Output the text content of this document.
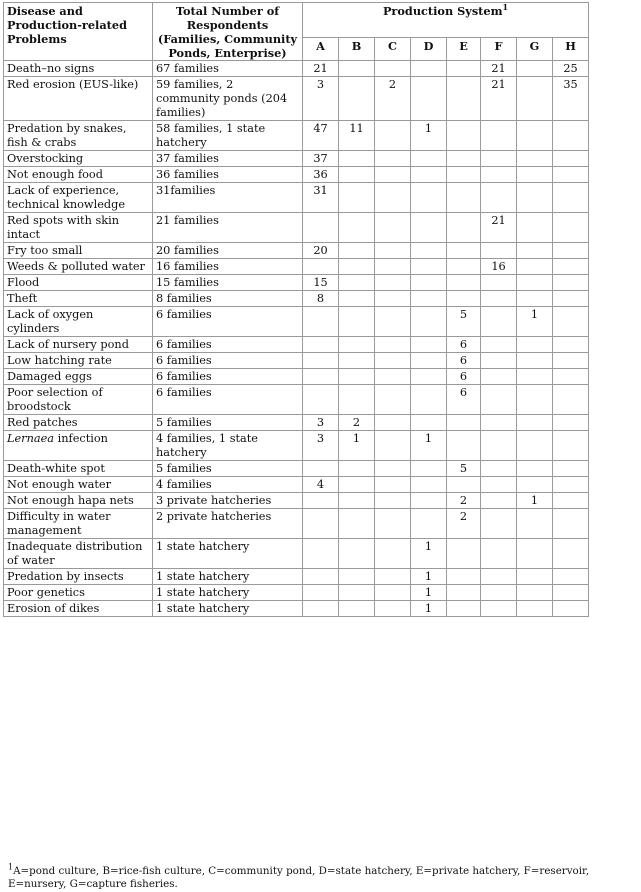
Disease and Production-related Problems	Total Number of Respondents (Families, Community Ponds, Enterprise)	Production System$^1$
		A	B	C	D	E	F	G	H
Death–no signs	67 families	21					21		25
Red erosion (EUS-like)	59 families, 2 community ponds (204 families)	3		2			21		35
Predation by snakes, fish & crabs	58 families, 1 state hatchery	47	11		1				
Overstocking	37 families	37							
Not enough food	36 families	36							
Lack of experience, technical knowledge	31families	31							
Red spots with skin intact	21 families						21		
Fry too small	20 families	20							
Weeds & polluted water	16 families						16		
Flood	15 families	15							
Theft	8 families	8							
Lack of oxygen cylinders	6 families					5		1	
Lack of nursery pond	6 families					6			
Low hatching rate	6 families					6			
Damaged eggs	6 families					6			
Poor selection of broodstock	6 families					6			
Red patches	5 families	3	2						
Lernaea infection	4 families, 1 state hatchery	3	1		1				
Death-white spot	5 families					5			
Not enough water	4 families	4							
Not enough hapa nets	3 private hatcheries					2		1	
Difficulty in water management	2 private hatcheries					2			
Inadequate distribution of water	1 state hatchery				1				
Predation by insects	1 state hatchery				1				
Poor genetics	1 state hatchery				1				
Erosion of dikes	1 state hatchery				1				
$^1$A=pond culture, B=rice-fish culture, C=community pond, D=state hatchery, E=private hatchery, F=reservoir, E=nursery, G=capture fisheries.
